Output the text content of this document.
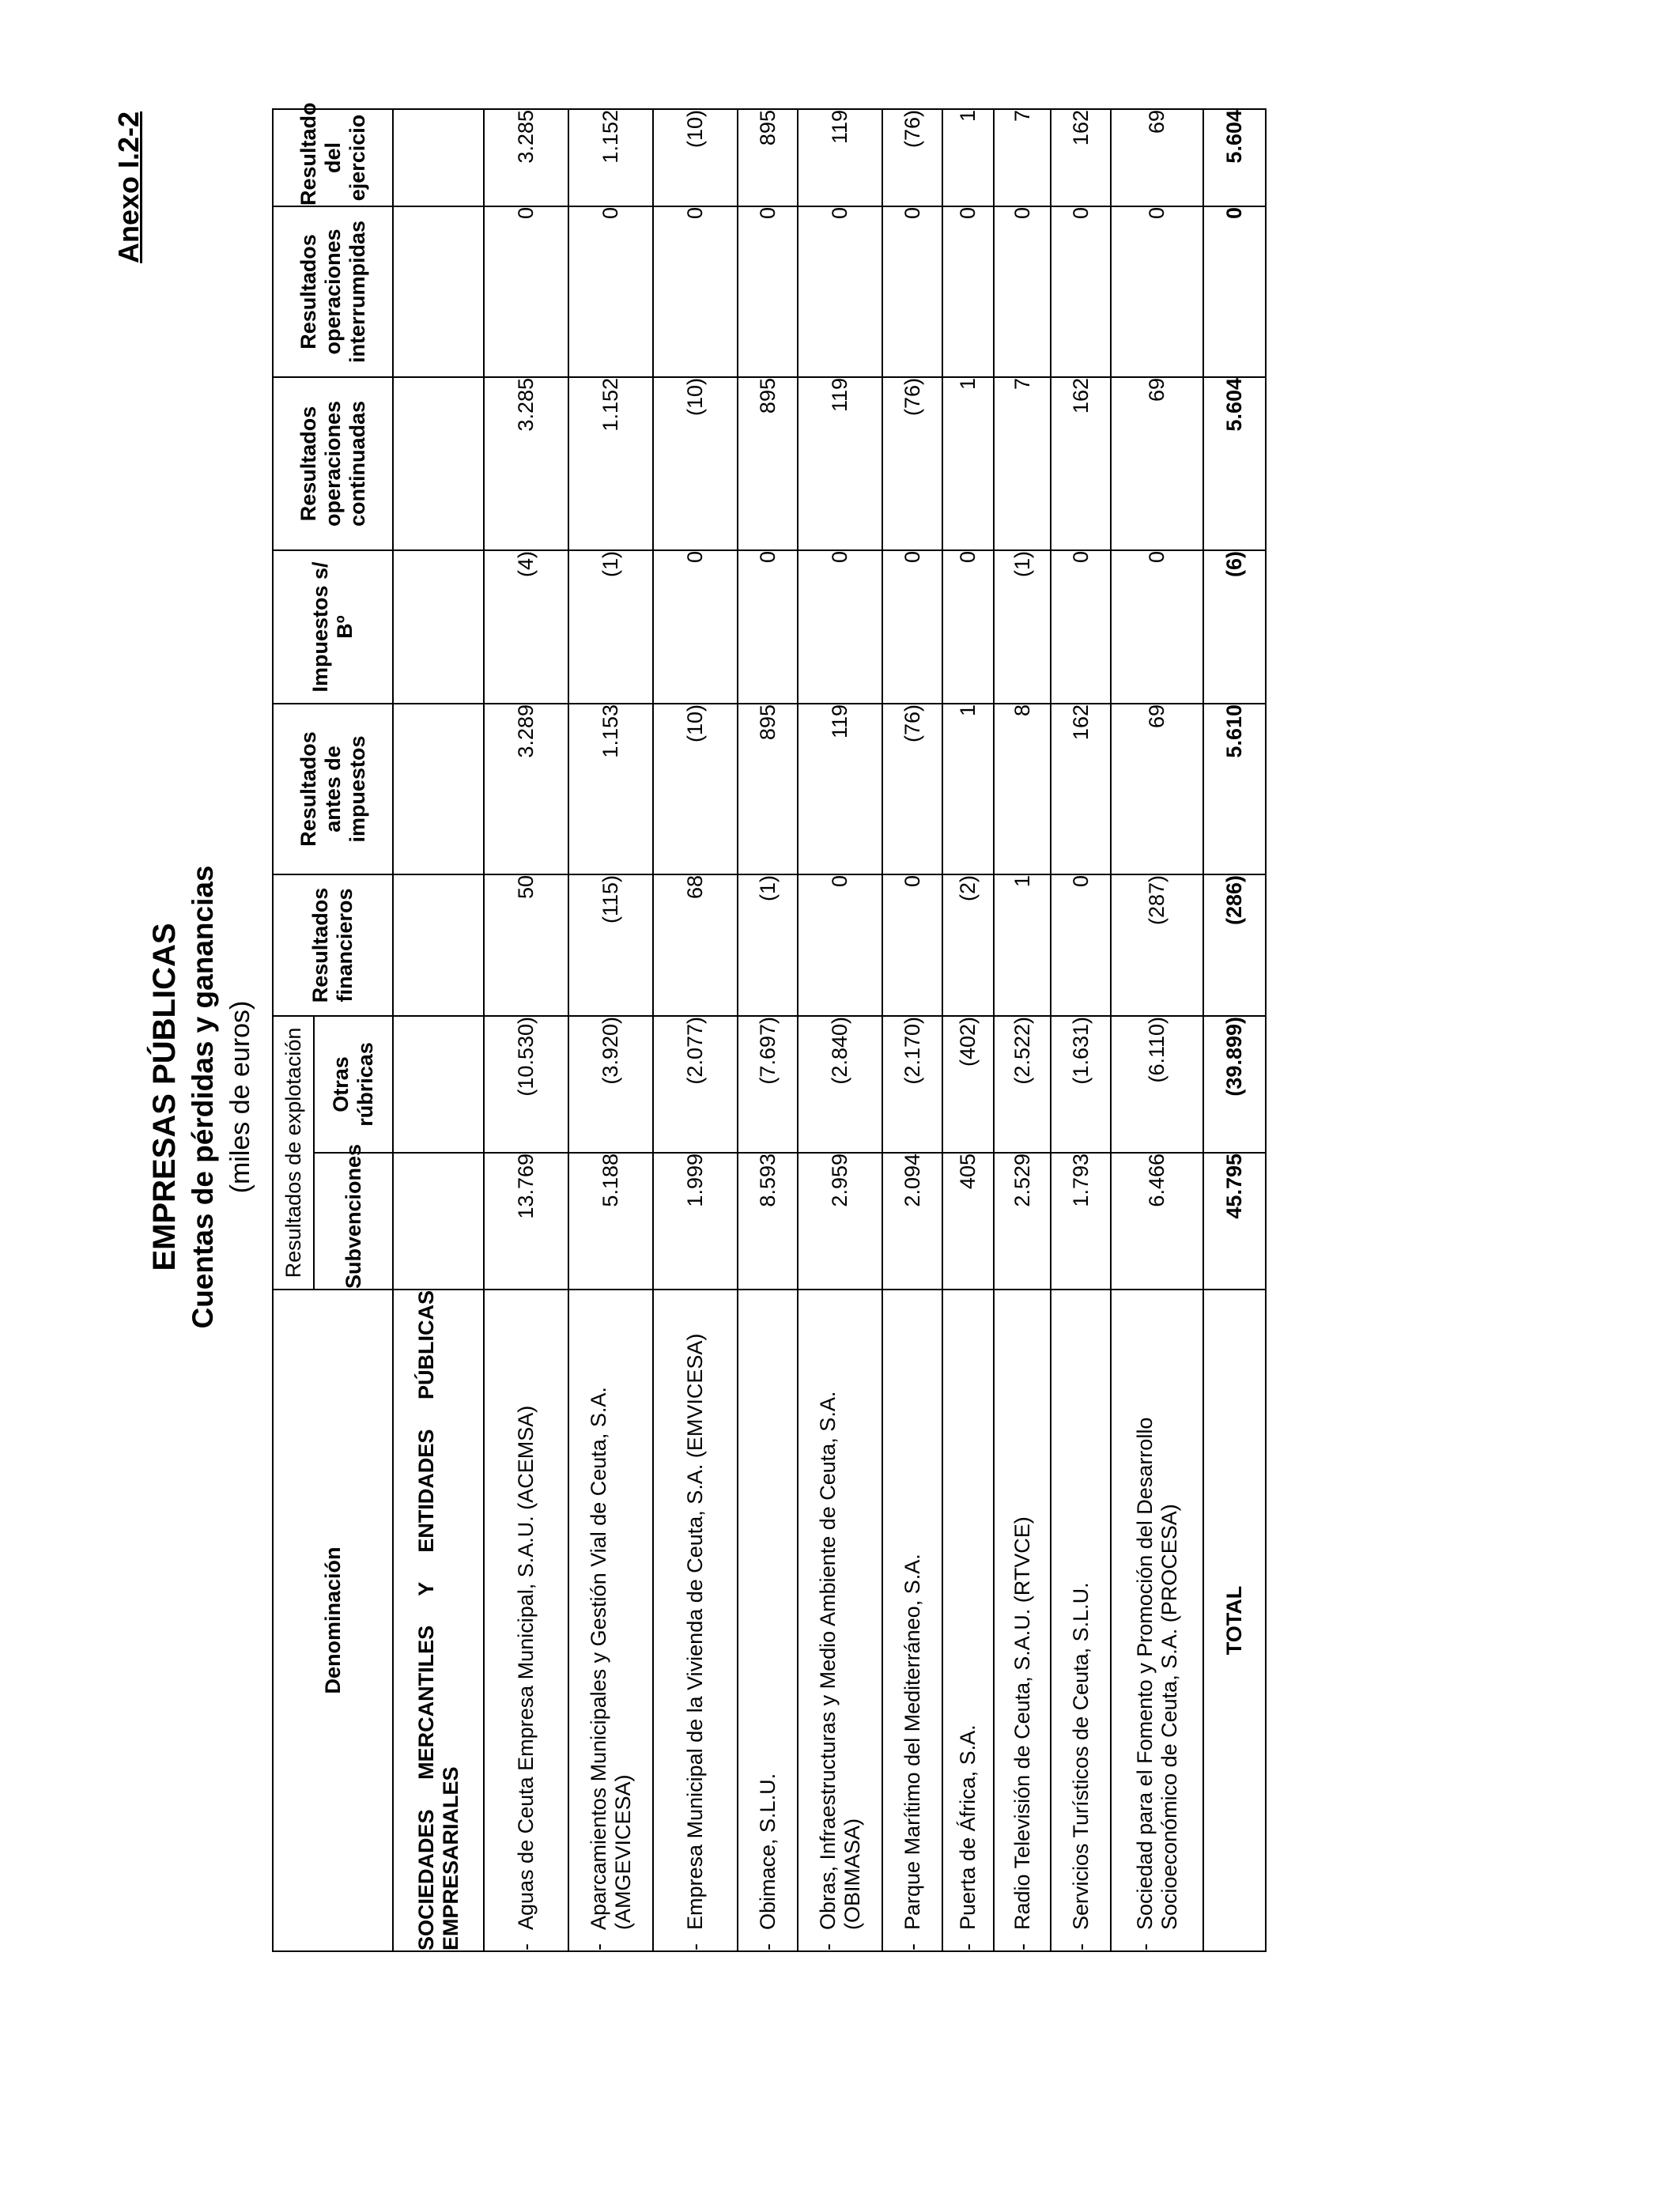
Anexo I.2-2
EMPRESAS PÚBLICAS Cuentas de pérdidas y ganancias (miles de euros)
Denominación	Resultados de explotación		Resultados financieros	Resultados antes de impuestos	Impuestos s/ Bº	Resultados operaciones continuadas	Resultados operaciones interrumpidas	Resultado del ejercicio
	Subvenciones	Otras rúbricas						

SOCIEDADES MERCANTILES Y ENTIDADES PÚBLICAS EMPRESARIALES								

-
Aguas de Ceuta Empresa Municipal, S.A.U. (ACEMSA)	13.769	(10.530)	50	3.289	(4)	3.285	0	3.285

-
Aparcamientos Municipales y Gestión Vial de Ceuta, S.A. (AMGEVICESA)	5.188	(3.920)	(115)	1.153	(1)	1.152	0	1.152

-
Empresa Municipal de la Vivienda de Ceuta, S.A. (EMVICESA)	1.999	(2.077)	68	(10)	0	(10)	0	(10)

-
Obimace, S.L.U.	8.593	(7.697)	(1)	895	0	895	0	895

-
Obras, Infraestructuras y Medio Ambiente de Ceuta, S.A. (OBIMASA)	2.959	(2.840)	0	119	0	119	0	119

-
Parque Marítimo del Mediterráneo, S.A.	2.094	(2.170)	0	(76)	0	(76)	0	(76)

-
Puerta de África, S.A.	405	(402)	(2)	1	0	1	0	1

-
Radio Televisión de Ceuta, S.A.U. (RTVCE)	2.529	(2.522)	1	8	(1)	7	0	7

-
Servicios Turísticos de Ceuta, S.L.U.	1.793	(1.631)	0	162	0	162	0	162

-
Sociedad para el Fomento y Promoción del Desarrollo Socioeconómico de Ceuta, S.A. (PROCESA)	6.466	(6.110)	(287)	69	0	69	0	69
TOTAL	45.795	(39.899)	(286)	5.610	(6)	5.604	0	5.604
